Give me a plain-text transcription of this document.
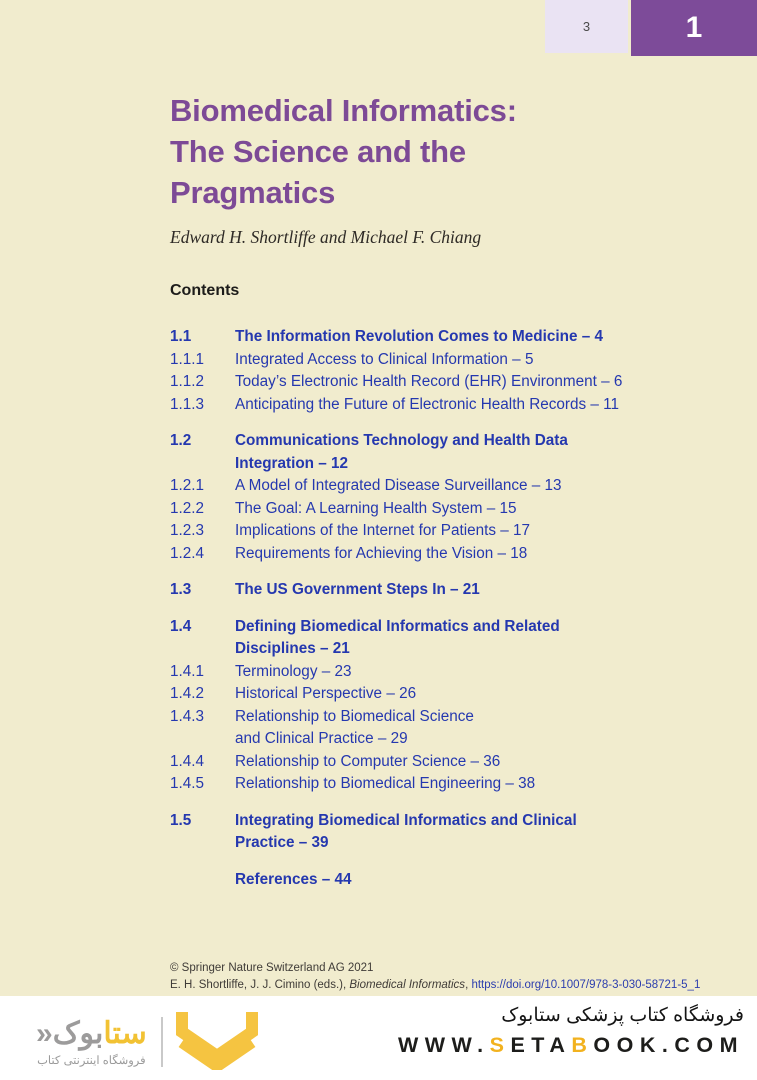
3	1
Biomedical Informatics:
The Science and the
Pragmatics
Edward H. Shortliffe and Michael F. Chiang
Contents
1.1	The Information Revolution Comes to Medicine – 4
1.1.1	Integrated Access to Clinical Information – 5
1.1.2	Today’s Electronic Health Record (EHR) Environment – 6
1.1.3	Anticipating the Future of Electronic Health Records – 11
1.2	Communications Technology and Health Data
Integration – 12
1.2.1	A Model of Integrated Disease Surveillance – 13
1.2.2	The Goal: A Learning Health System – 15
1.2.3	Implications of the Internet for Patients – 17
1.2.4	Requirements for Achieving the Vision – 18
1.3	The US Government Steps In – 21
1.4	Defining Biomedical Informatics and Related
Disciplines – 21
1.4.1	Terminology – 23
1.4.2	Historical Perspective – 26
1.4.3	Relationship to Biomedical Science
and Clinical Practice – 29
1.4.4	Relationship to Computer Science – 36
1.4.5	Relationship to Biomedical Engineering – 38
1.5	Integrating Biomedical Informatics and Clinical
Practice – 39
References – 44
© Springer Nature Switzerland AG 2021
E. H. Shortliffe, J. J. Cimino (eds.), Biomedical Informatics, https://doi.org/10.1007/978-3-030-58721-5_1
ستابوک«
فروشگاه اینترنتی کتاب
فروشگاه کتاب پزشکی ستابوک
WWW.SETABOOK.COM
